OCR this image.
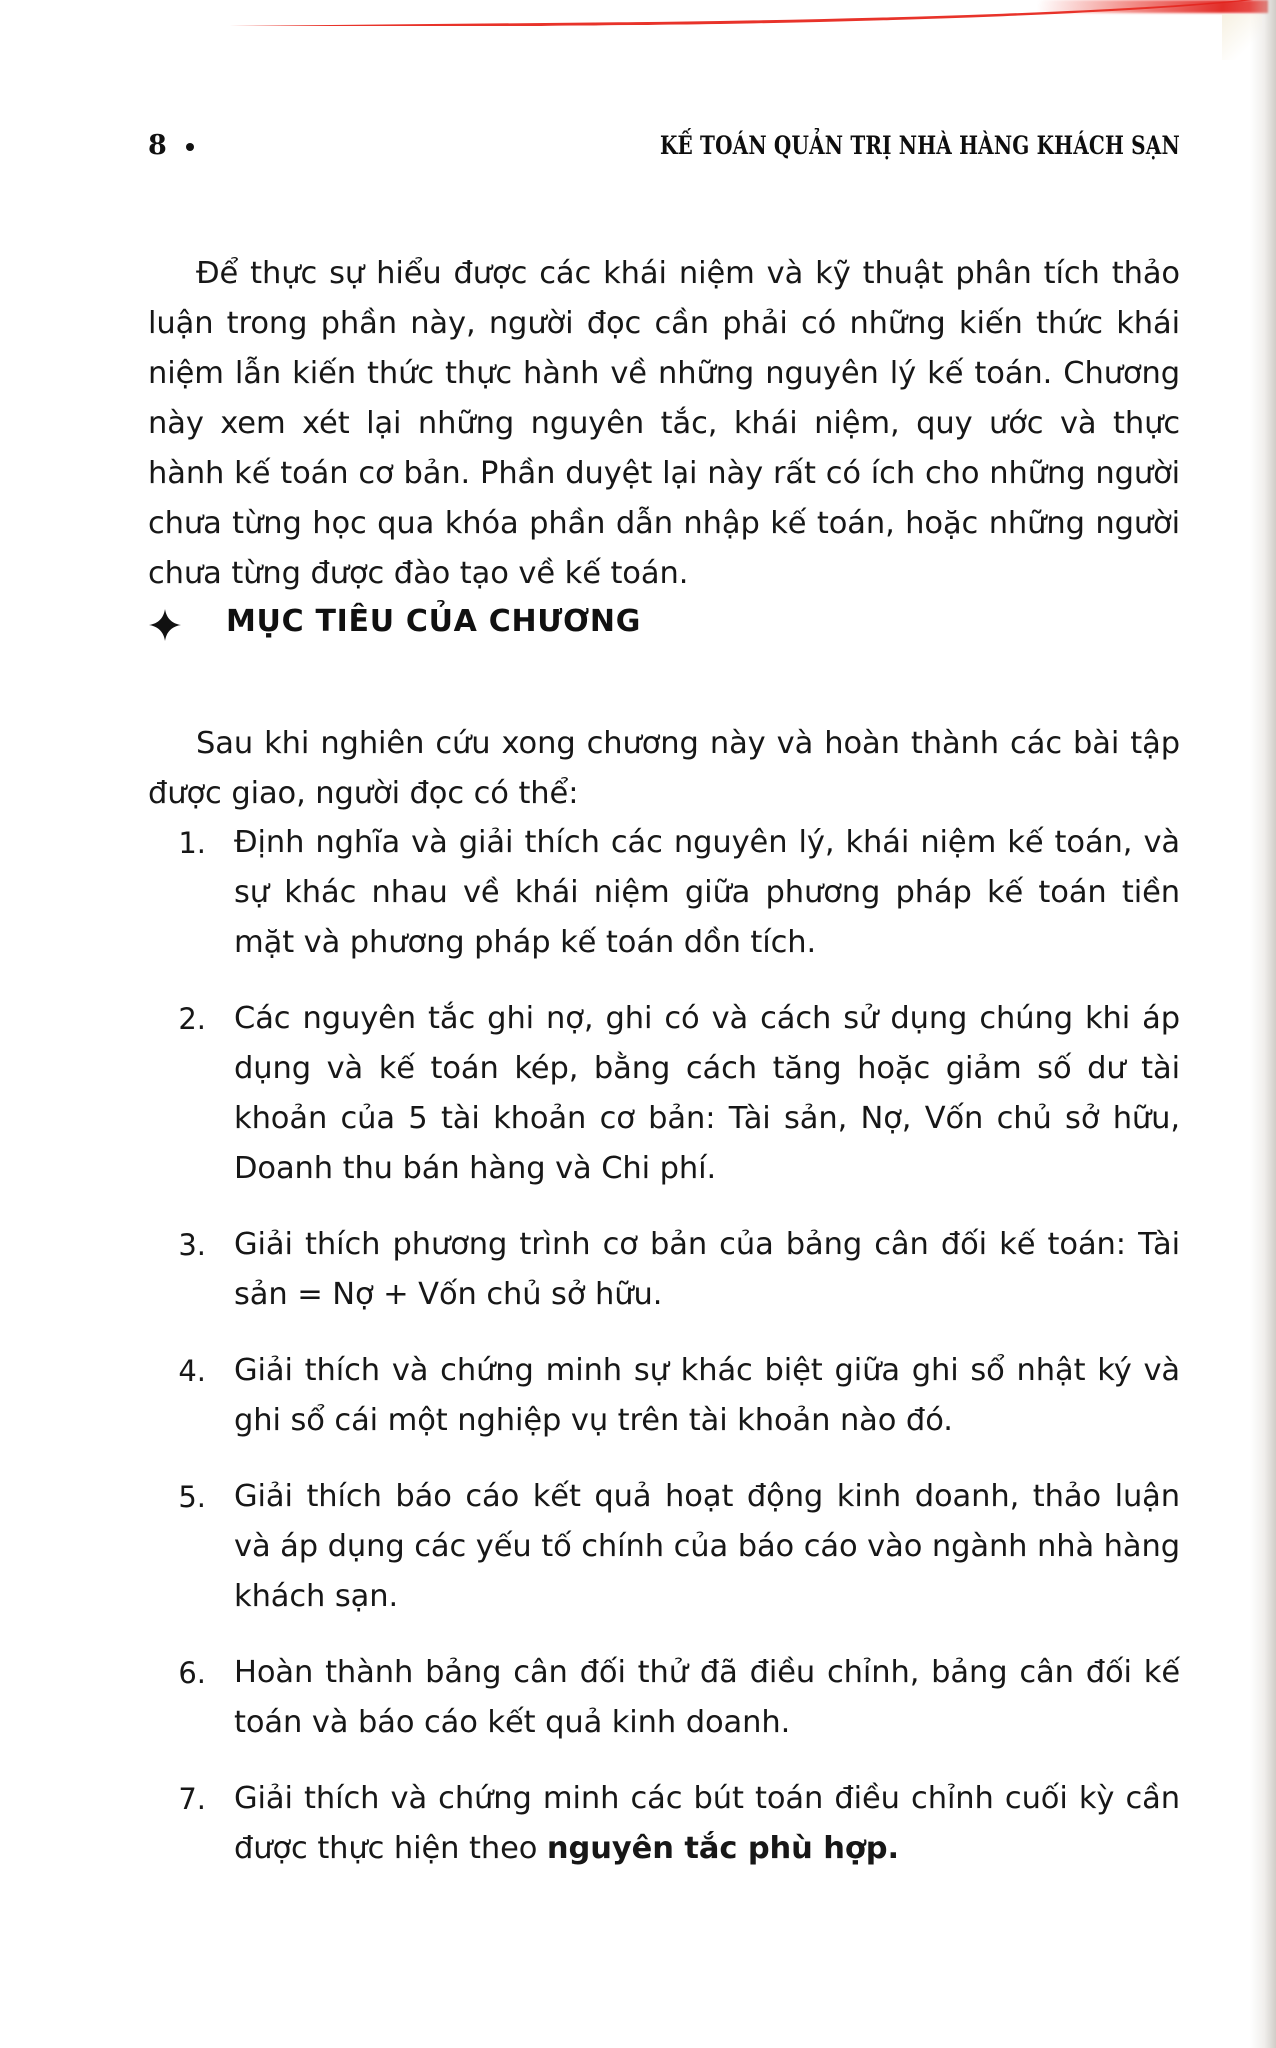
8	KẾ TOÁN QUẢN TRỊ NHÀ HÀNG KHÁCH SẠN

Để thực sự hiểu được các khái niệm và kỹ thuật phân tích thảo luận trong phần này, người đọc cần phải có những kiến thức khái niệm lẫn kiến thức thực hành về những nguyên lý kế toán. Chương này xem xét lại những nguyên tắc, khái niệm, quy ước và thực hành kế toán cơ bản. Phần duyệt lại này rất có ích cho những người chưa từng học qua khóa phần dẫn nhập kế toán, hoặc những người chưa từng được đào tạo về kế toán.

MỤC TIÊU CỦA CHƯƠNG

Sau khi nghiên cứu xong chương này và hoàn thành các bài tập được giao, người đọc có thể:

1. Định nghĩa và giải thích các nguyên lý, khái niệm kế toán, và sự khác nhau về khái niệm giữa phương pháp kế toán tiền mặt và phương pháp kế toán dồn tích.
2. Các nguyên tắc ghi nợ, ghi có và cách sử dụng chúng khi áp dụng và kế toán kép, bằng cách tăng hoặc giảm số dư tài khoản của 5 tài khoản cơ bản: Tài sản, Nợ, Vốn chủ sở hữu, Doanh thu bán hàng và Chi phí.
3. Giải thích phương trình cơ bản của bảng cân đối kế toán: Tài sản = Nợ + Vốn chủ sở hữu.
4. Giải thích và chứng minh sự khác biệt giữa ghi sổ nhật ký và ghi sổ cái một nghiệp vụ trên tài khoản nào đó.
5. Giải thích báo cáo kết quả hoạt động kinh doanh, thảo luận và áp dụng các yếu tố chính của báo cáo vào ngành nhà hàng khách sạn.
6. Hoàn thành bảng cân đối thử đã điều chỉnh, bảng cân đối kế toán và báo cáo kết quả kinh doanh.
7. Giải thích và chứng minh các bút toán điều chỉnh cuối kỳ cần được thực hiện theo nguyên tắc phù hợp.
